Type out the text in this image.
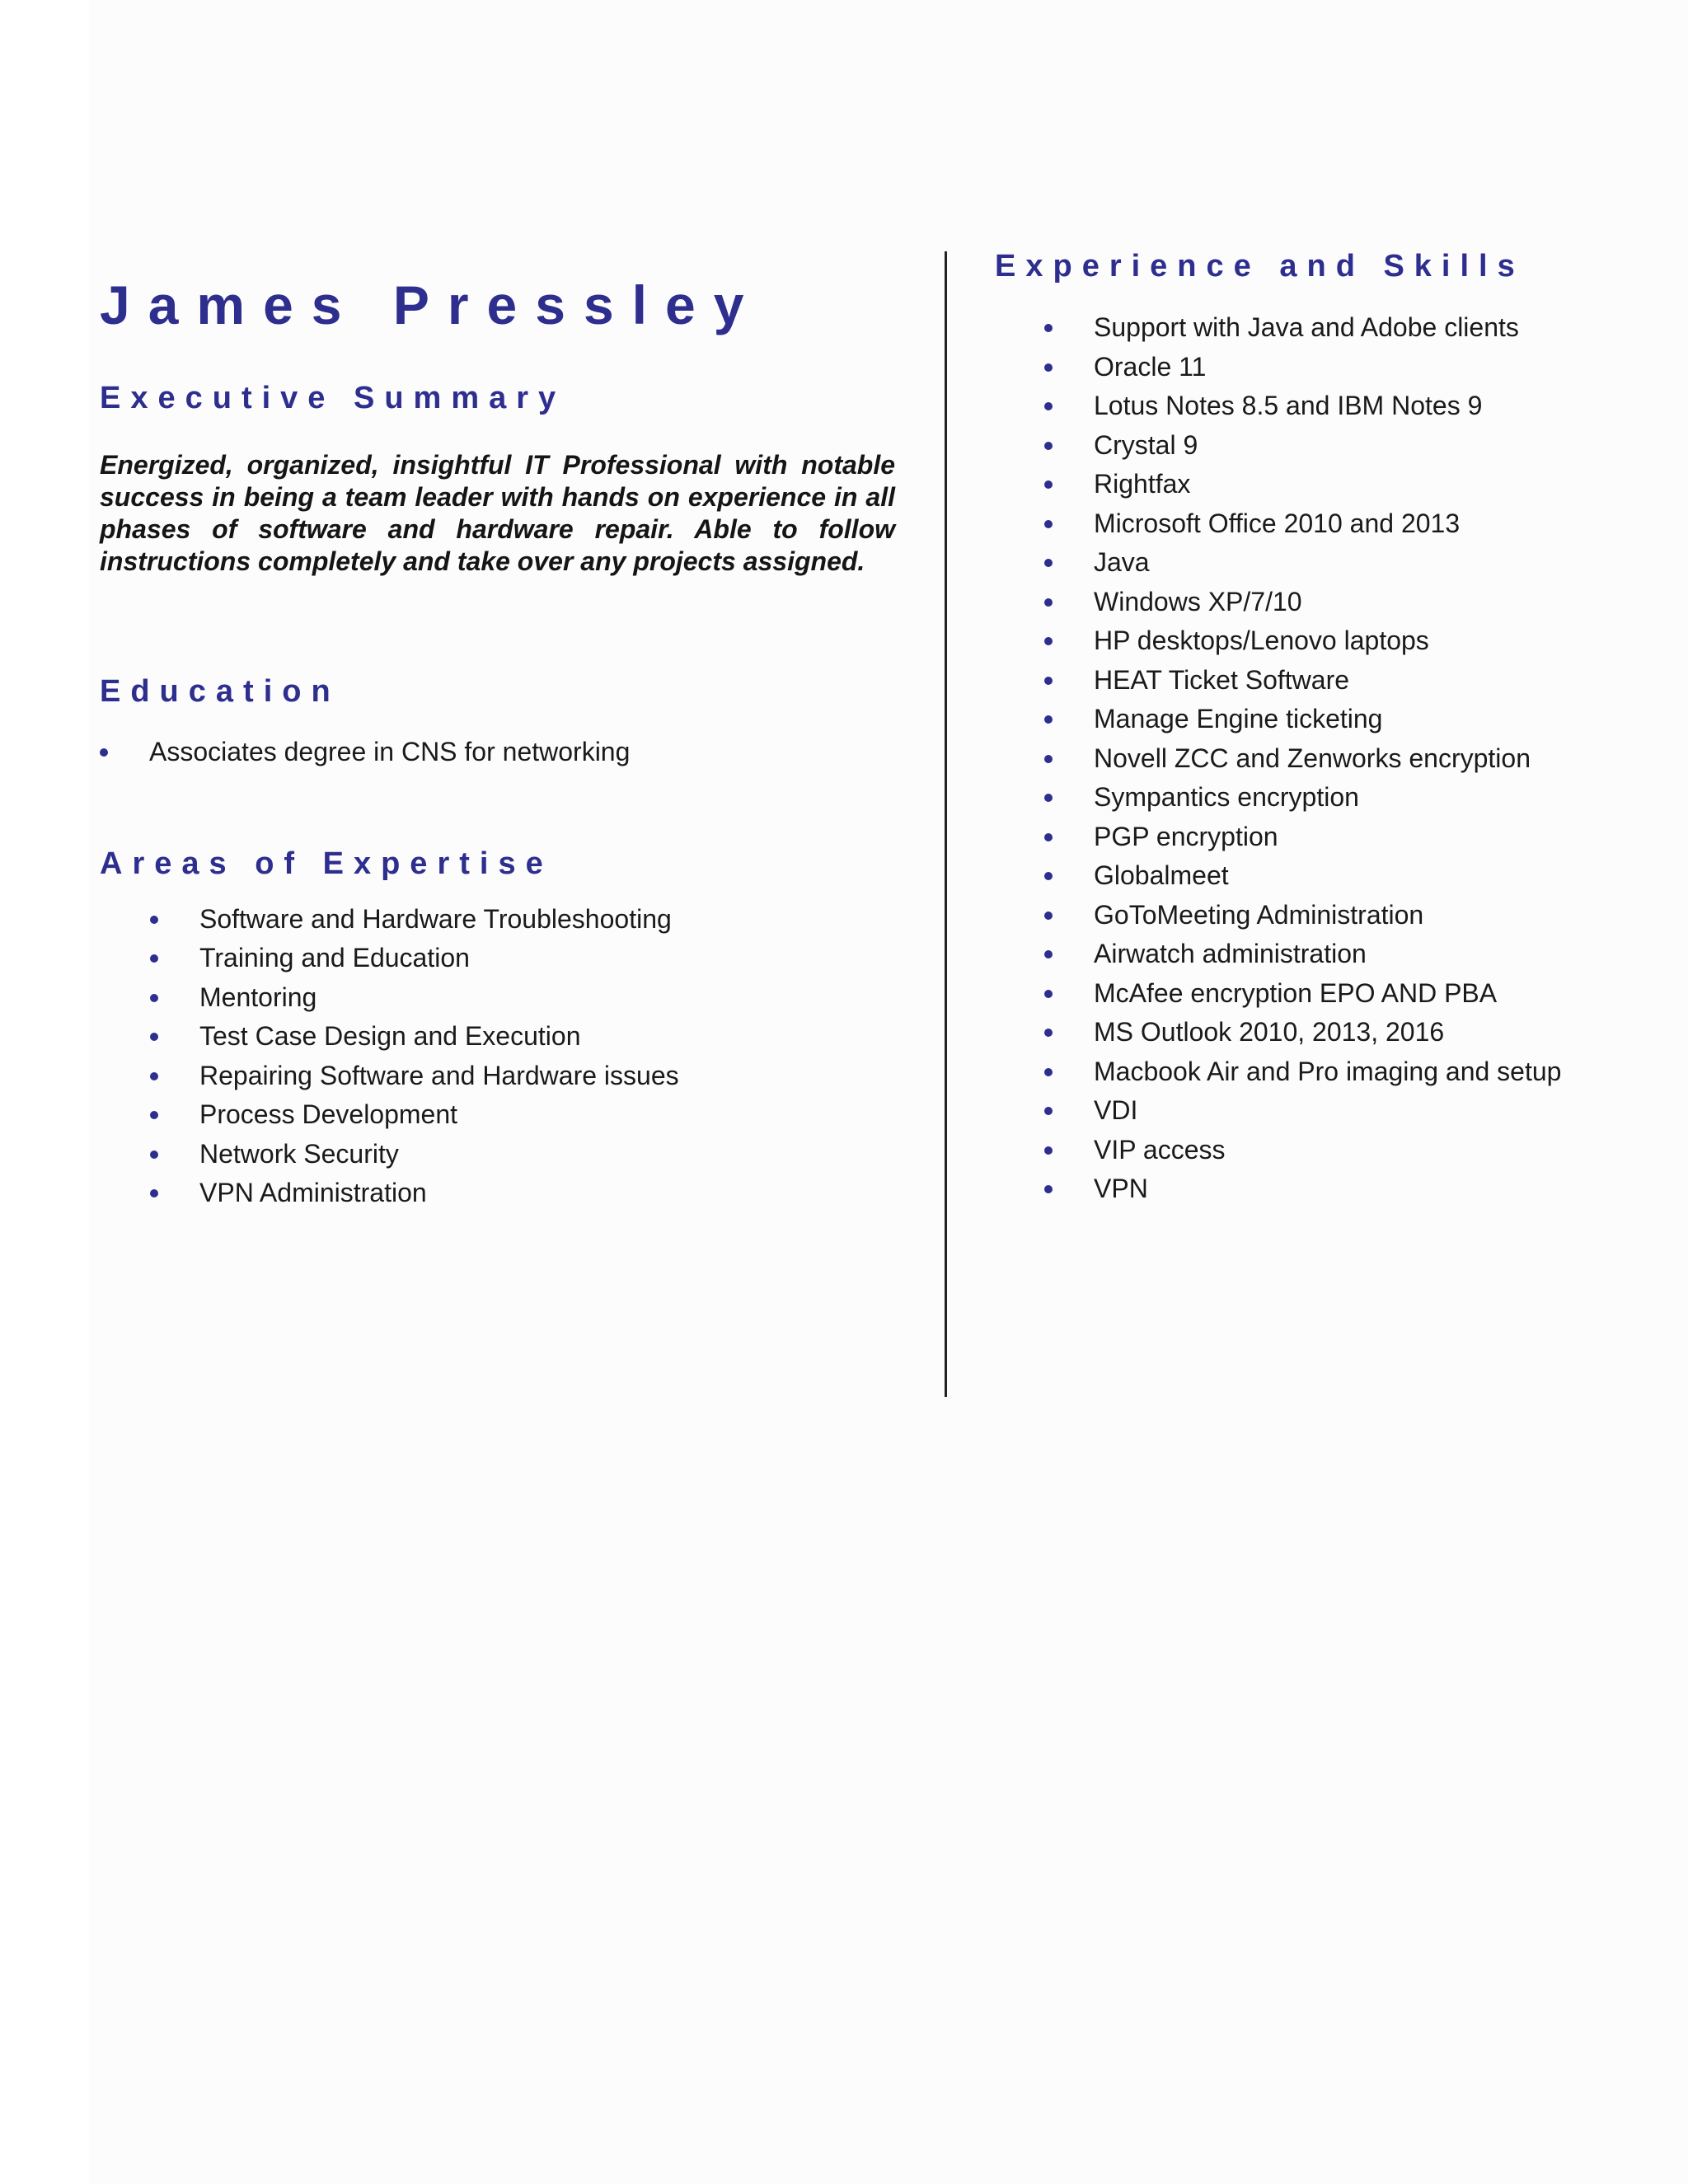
James Pressley
Executive Summary

Energized, organized, insightful IT Professional with notable success in being a team leader with hands on experience in all phases of software and hardware repair. Able to follow instructions completely and take over any projects assigned.

Education
Associates degree in CNS for networking
Areas of Expertise
Software and Hardware Troubleshooting
Training and Education
Mentoring
Test Case Design and Execution
Repairing Software and Hardware issues
Process Development
Network Security
VPN Administration
Experience and Skills
Support with Java and Adobe clients
Oracle 11
Lotus Notes 8.5 and IBM Notes 9
Crystal 9
Rightfax
Microsoft Office 2010 and 2013
Java
Windows XP/7/10
HP desktops/Lenovo laptops
HEAT Ticket Software
Manage Engine ticketing
Novell ZCC and Zenworks encryption
Sympantics encryption
PGP encryption
Globalmeet
GoToMeeting Administration
Airwatch administration
McAfee encryption EPO AND PBA
MS Outlook 2010, 2013, 2016
Macbook Air and Pro imaging and setup
VDI
VIP access
VPN
